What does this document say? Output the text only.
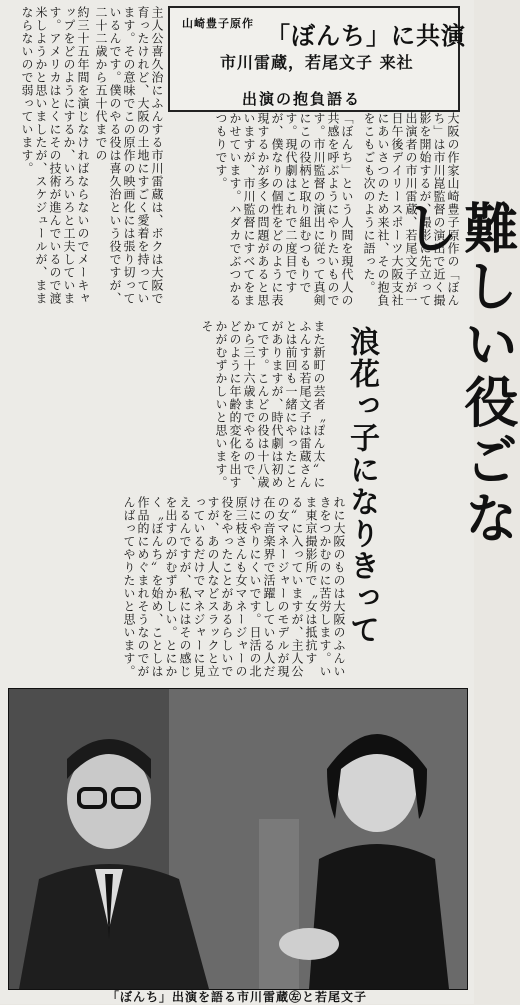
山崎豊子原作 「ぼんち」に共演
市川雷蔵，若尾文子 来社
出演の抱負語る
難しい役ごなし
浪花っ子になりきって
大阪の作家山崎豊子原作の「ぼんち」は市川崑監督の演出で近く撮影を開始するが、撮影に先立って出演者の市川雷蔵、若尾文子が一日午後デイリースポーツ大阪支社にあいさつのため来社、その抱負をこもごも次のように語った。
主人公喜久治にふんする市川雷蔵は、ボクは大阪で育ったけれど、大阪の土地にすごく愛着を持っています。その意味でこの原作の映画化には張り切っているんです。僕のやる役は喜久治という役ですが、二十二歳から五十代までの
約三十五年間を演じなければならないのでメーキャップをどのようにするか、いろいろと工夫しています。アメリカはとくにその技術が進んでいるので渡米しようかと思いましたが、スケジュールが、ままならないので弱っています。
「ぼんち」という人間を現代人の共感を呼ぶようにやりたいものです。市川監督の演出に従って真剣にこの役柄と取り組むつもりです。現代劇はこれで二度目ですが、僕なりの個性をどのように表現するかが多くの問題があると思いますが、市川監督にすべてをまかせています。ハダカでぶつかるつもりです。
また新町の芸者〝ぽん太〟にふんする若尾文子は雷蔵さんとは前回も一緒にやったことがありますが、時代劇は初めてです。こんどの役は十八歳から三十六歳までやるので、どのように年齢的変化を出すかがむずかしいと思います。そ
れに大阪のものは大阪のふんいきをつかむのに苦労します。いま東京撮影所で〝女は抵抗する〟に入っていますが、主人公の女マネージャーのモデルが現在の音楽界で活躍している人だけにやりにくいです。日活の北原三枝さんも女マネージャーの役をやったことがあるらしいですが、あの人などスラックと立っているだけでマネジャーに見えるんですが、私にはその感じを出すのがむずかしい。とにかく〝ぼんち〟を始め、ことしは作品的にめぐまれそうなのでがんばってやりたいと思います。
「ぼんち」出演を語る市川雷蔵㊧と若尾文子
